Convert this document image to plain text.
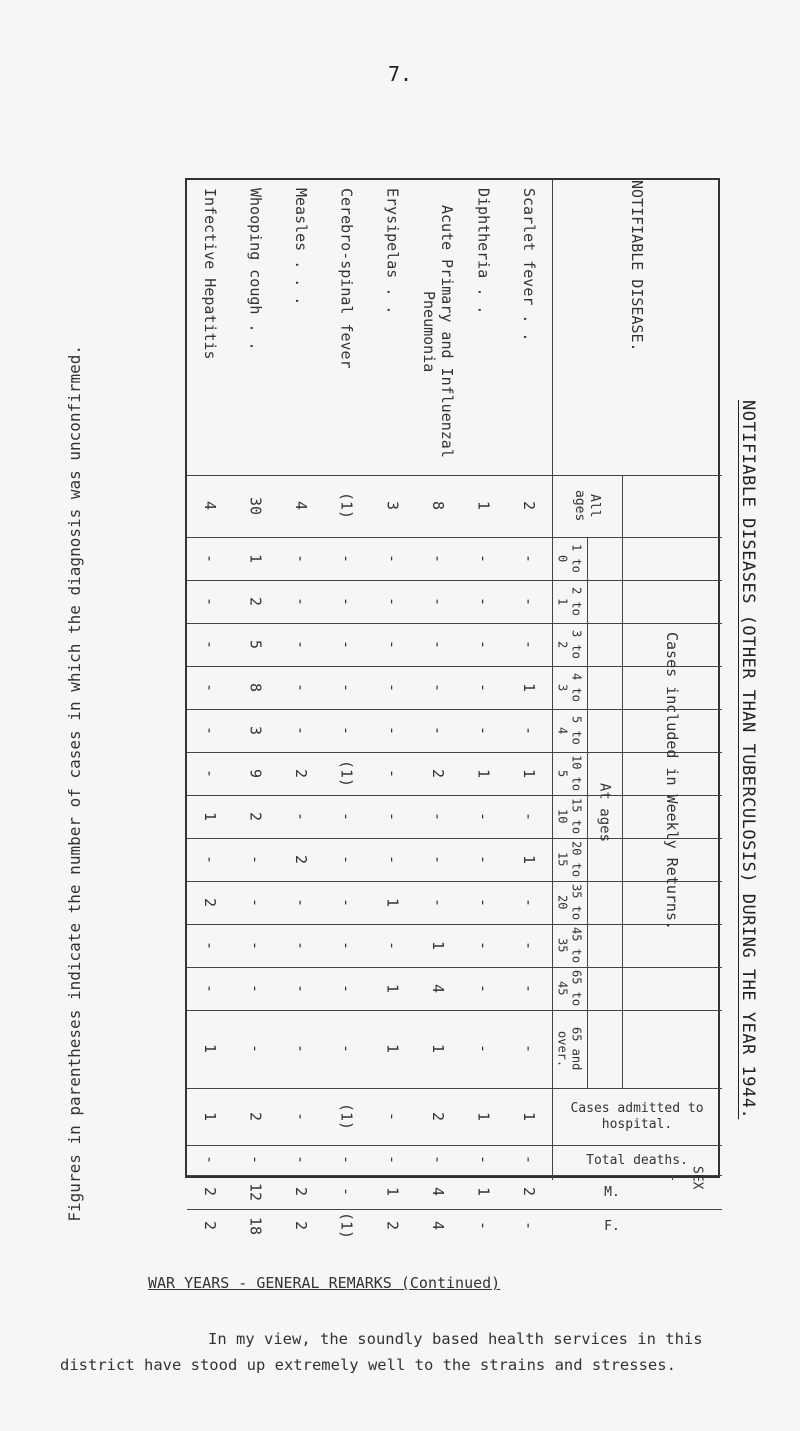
7.
NOTIFIABLE DISEASES (OTHER THAN TUBERCULOSIS) DURING THE YEAR 1944.
Figures in parentheses indicate the number of cases in which the diagnosis was unconfirmed.
NOTIFIABLE DISEASE.
Cases included in Weekly Returns.
At ages
All ages
1 to 0
2 to 1
3 to 2
4 to 3
5 to 4
10 to 5
15 to 10
20 to 15
35 to 20
45 to 35
65 to 45
65 and over.
Cases admitted to hospital.
Total deaths.
SEX
M.
F.
Scarlet fever . .
2
-
-
-
1
-
1
-
1
-
-
-
-
1
-
2
-
Diphtheria . .
1
-
-
-
-
-
1
-
-
-
-
-
-
1
-
1
-
Acute Primary and Influenzal Pneumonia
8
-
-
-
-
-
2
-
-
-
1
4
1
2
-
4
4
Erysipelas . .
3
-
-
-
-
-
-
-
-
1
-
1
1
-
-
1
2
Cerebro-spinal fever
(1)
-
-
-
-
-
(1)
-
-
-
-
-
-
(1)
-
-
(1)
Measles . . .
4
-
-
-
-
-
2
-
2
-
-
-
-
-
-
2
2
Whooping cough . .
30
1
2
5
8
3
9
2
-
-
-
-
-
2
-
12
18
Infective Hepatitis
4
-
-
-
-
-
-
1
-
2
-
-
1
1
-
2
2
WAR YEARS - GENERAL REMARKS (Continued)
In my view, the soundly based health services in this
district have stood up extremely well to the strains and stresses.
